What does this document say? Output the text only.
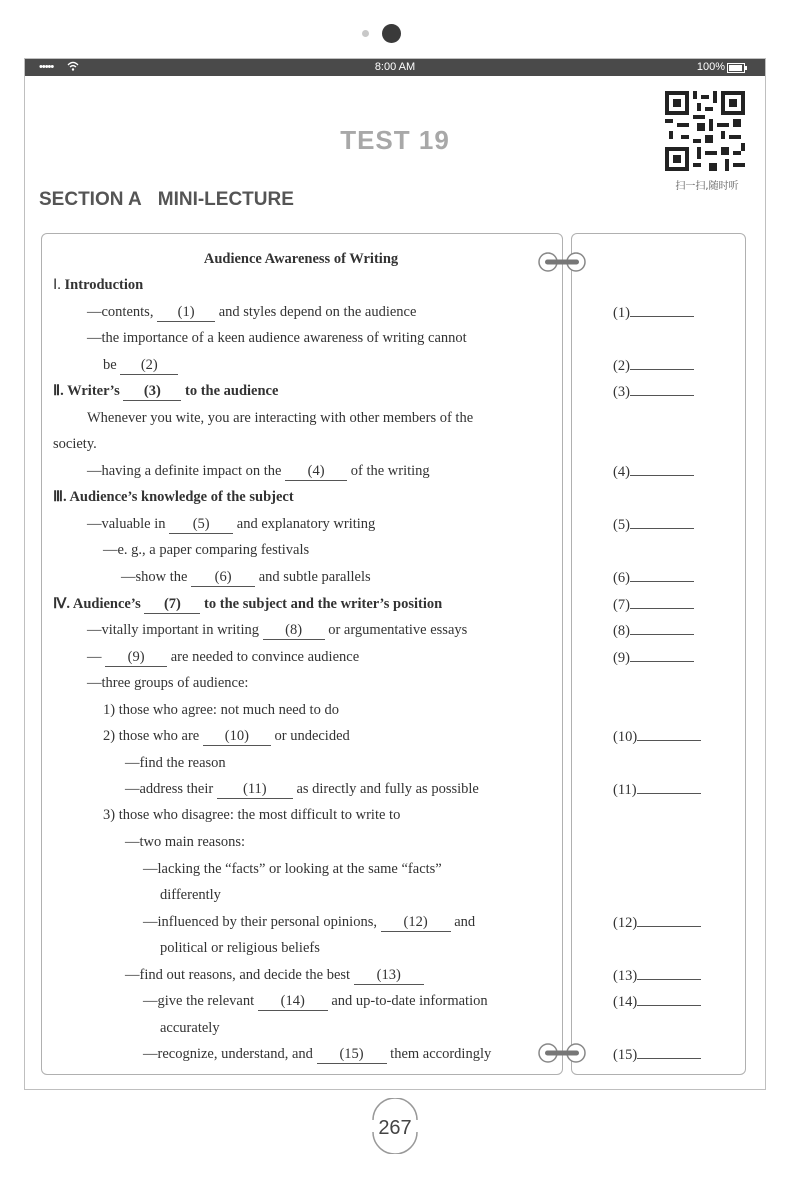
•••••	8:00 AM	100%
TEST 19
扫一扫,随时听
SECTION A MINI-LECTURE
Audience Awareness of Writing
(1)
(2)
(3)
(4)
(5)
(6)
(7)
(8)
(9)
(10)
(11)
(12)
(13)
(14)
(15)
Ⅰ. Introduction
—contents, (1) and styles depend on the audience
—the importance of a keen audience awareness of writing cannot
be (2)
Ⅱ. Writer’s (3) to the audience
Whenever you wite, you are interacting with other members of the
society.
—having a definite impact on the (4) of the writing
Ⅲ. Audience’s knowledge of the subject
—valuable in (5) and explanatory writing
—e. g., a paper comparing festivals
—show the (6) and subtle parallels
Ⅳ. Audience’s (7) to the subject and the writer’s position
—vitally important in writing (8) or argumentative essays
— (9) are needed to convince audience
—three groups of audience:
1) those who agree: not much need to do
2) those who are (10) or undecided
—find the reason
—address their (11) as directly and fully as possible
3) those who disagree: the most difficult to write to
—two main reasons:
—lacking the “facts” or looking at the same “facts”
differently
—influenced by their personal opinions, (12) and
political or religious beliefs
—find out reasons, and decide the best (13)
—give the relevant (14) and up-to-date information
accurately
—recognize, understand, and (15) them accordingly
267
